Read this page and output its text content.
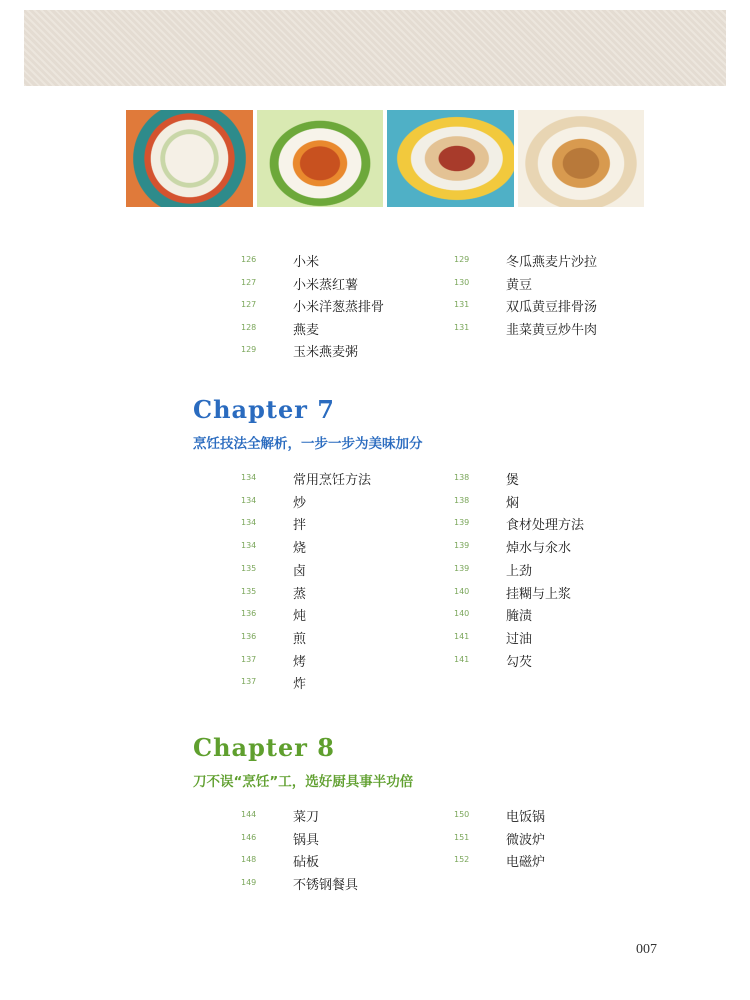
126	小米
127	小米蒸红薯
127	小米洋葱蒸排骨
128	燕麦
129	玉米燕麦粥
129	冬瓜燕麦片沙拉
130	黄豆
131	双瓜黄豆排骨汤
131	韭菜黄豆炒牛肉
Chapter 7
烹饪技法全解析，一步一步为美味加分
134	常用烹饪方法
134	炒
134	拌
134	烧
135	卤
135	蒸
136	炖
136	煎
137	烤
137	炸
138	煲
138	焖
139	食材处理方法
139	焯水与氽水
139	上劲
140	挂糊与上浆
140	腌渍
141	过油
141	勾芡
Chapter 8
刀不误“烹饪”工，选好厨具事半功倍
144	菜刀
146	锅具
148	砧板
149	不锈钢餐具
150	电饭锅
151	微波炉
152	电磁炉
007
